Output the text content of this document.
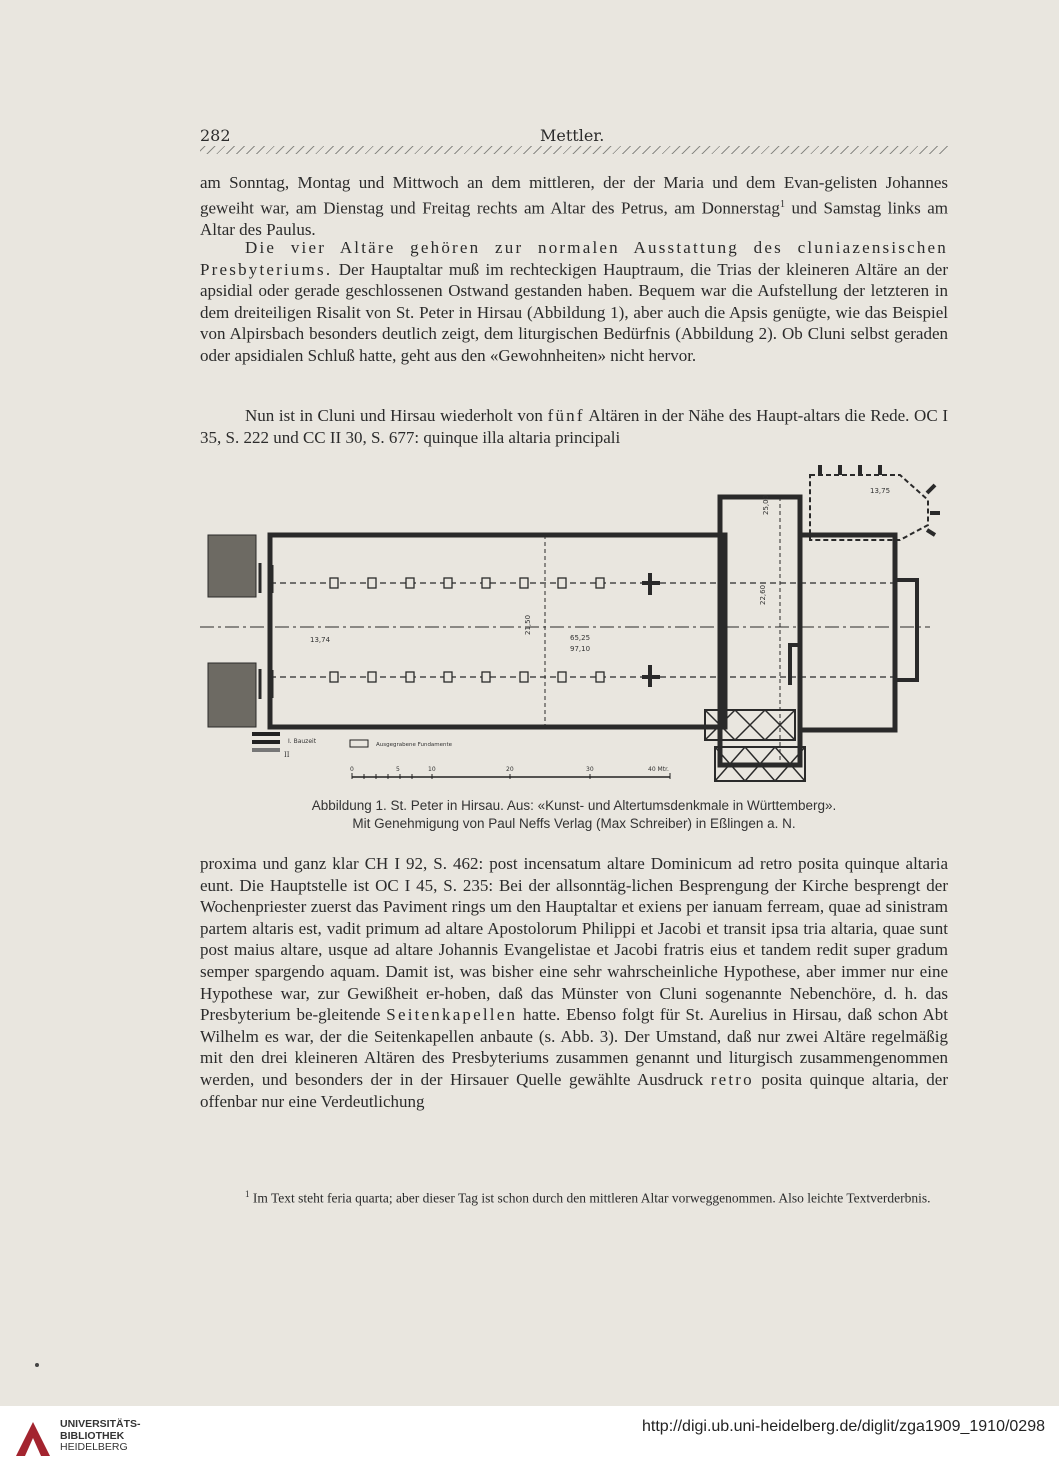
282	Mettler.

am Sonntag, Montag und Mittwoch an dem mittleren, der der Maria und dem Evan-gelisten Johannes geweiht war, am Dienstag und Freitag rechts am Altar des Petrus, am Donnerstag$^1$ und Samstag links am Altar des Paulus.

Die vier Altäre gehören zur normalen Ausstattung des cluniazensischen Presbyteriums. Der Hauptaltar muß im rechteckigen Hauptraum, die Trias der kleineren Altäre an der apsidial oder gerade geschlossenen Ostwand gestanden haben. Bequem war die Aufstellung der letzteren in dem dreiteiligen Risalit von St. Peter in Hirsau (Abbildung 1), aber auch die Apsis genügte, wie das Beispiel von Alpirsbach besonders deutlich zeigt, dem liturgischen Bedürfnis (Abbildung 2). Ob Cluni selbst geraden oder apsidialen Schluß hatte, geht aus den «Gewohnheiten» nicht hervor.

Nun ist in Cluni und Hirsau wiederholt von fünf Altären in der Nähe des Haupt-altars die Rede. OC I 35, S. 222 und CC II 30, S. 677: quinque illa altaria principali

13,74	65,25
97,10
21,50
22,60
25,00
13,75
I. Bauzeit
II
Ausgegrabene Fundamente
0	5	10	20	30	40 Mtr.
Abbildung 1. St. Peter in Hirsau. Aus: «Kunst- und Altertumsdenkmale in Württemberg».
Mit Genehmigung von Paul Neffs Verlag (Max Schreiber) in Eßlingen a. N.

proxima und ganz klar CH I 92, S. 462: post incensatum altare Dominicum ad retro posita quinque altaria eunt. Die Hauptstelle ist OC I 45, S. 235: Bei der allsonntäg-lichen Besprengung der Kirche besprengt der Wochenpriester zuerst das Paviment rings um den Hauptaltar et exiens per ianuam ferream, quae ad sinistram partem altaris est, vadit primum ad altare Apostolorum Philippi et Jacobi et transit ipsa tria altaria, quae sunt post maius altare, usque ad altare Johannis Evangelistae et Jacobi fratris eius et tandem redit super gradum semper spargendo aquam. Damit ist, was bisher eine sehr wahrscheinliche Hypothese, aber immer nur eine Hypothese war, zur Gewißheit er-hoben, daß das Münster von Cluni sogenannte Nebenchöre, d. h. das Presbyterium be-gleitende Seitenkapellen hatte. Ebenso folgt für St. Aurelius in Hirsau, daß schon Abt Wilhelm es war, der die Seitenkapellen anbaute (s. Abb. 3). Der Umstand, daß nur zwei Altäre regelmäßig mit den drei kleineren Altären des Presbyteriums zusammen genannt und liturgisch zusammengenommen werden, und besonders der in der Hirsauer Quelle gewählte Ausdruck retro posita quinque altaria, der offenbar nur eine Verdeutlichung

$^1$ Im Text steht feria quarta; aber dieser Tag ist schon durch den mittleren Altar vorweggenommen. Also leichte Textverderbnis.

UNIVERSITÄTS-
BIBLIOTHEK
HEIDELBERG
http://digi.ub.uni-heidelberg.de/diglit/zga1909_1910/0298
